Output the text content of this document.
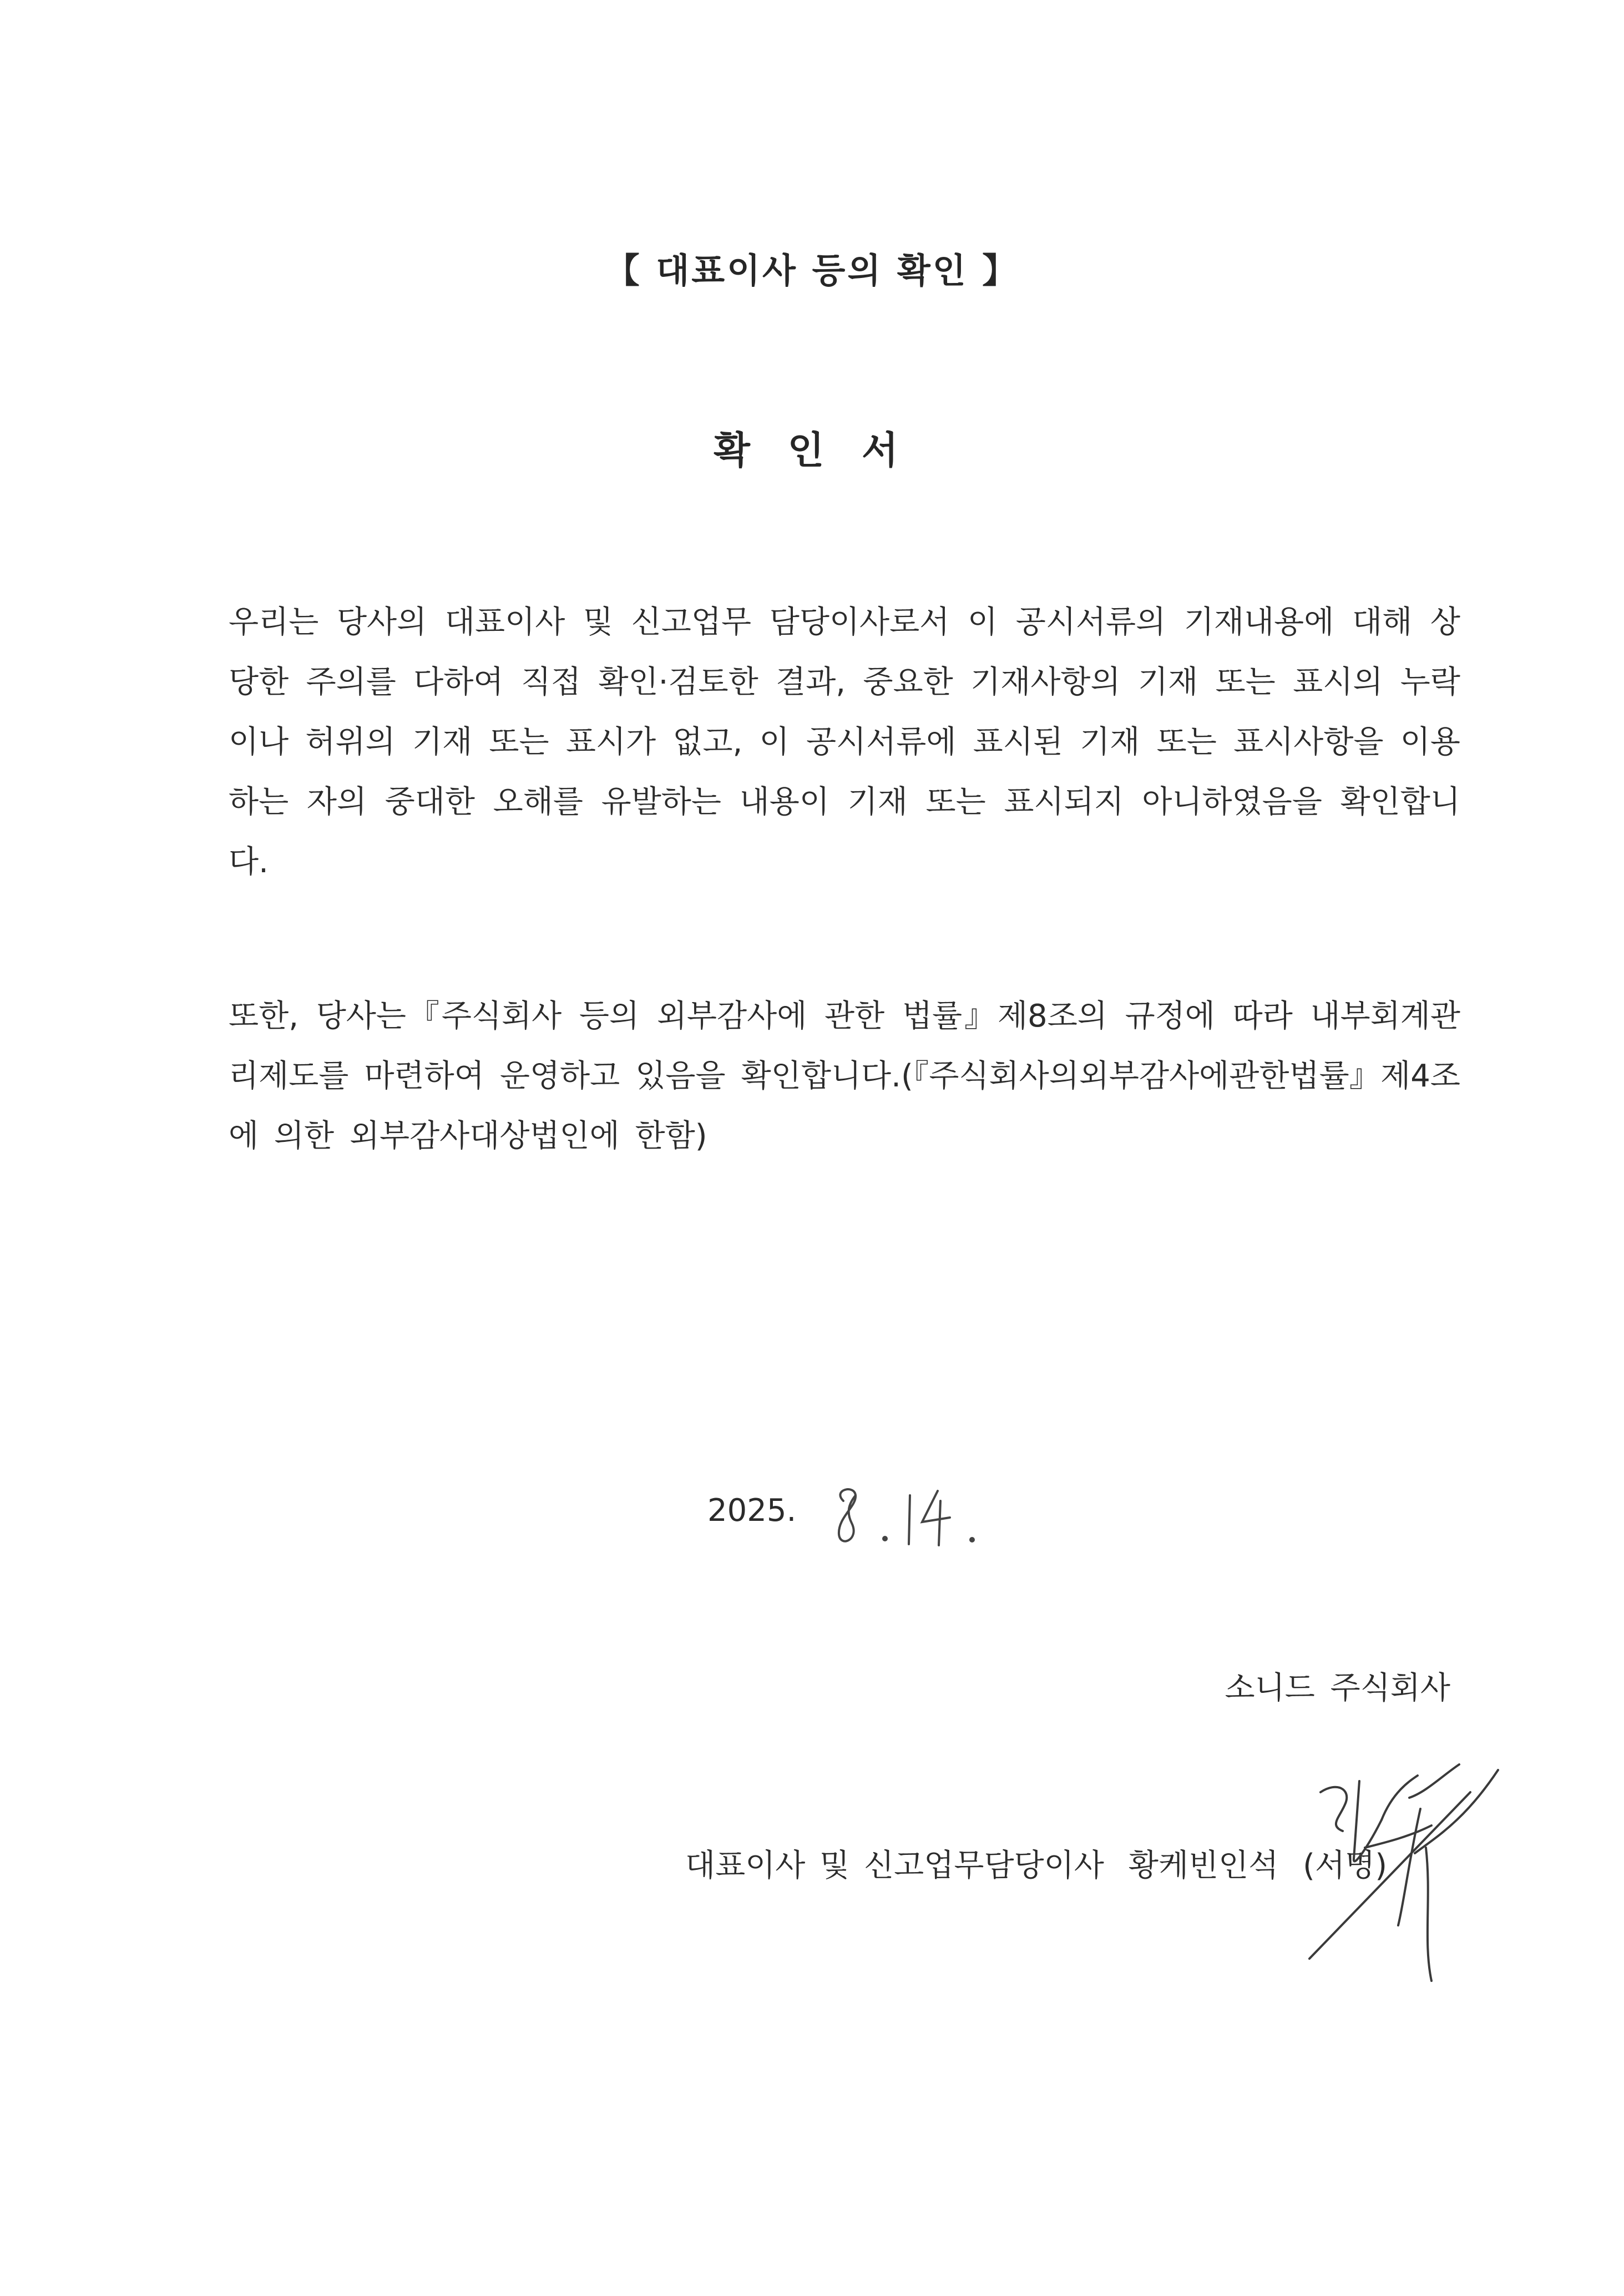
【 대표이사 등의 확인 】
확 인 서

우리는 당사의 대표이사 및 신고업무 담당이사로서 이 공시서류의 기재내용에 대해 상당한 주의를 다하여 직접 확인·검토한 결과, 중요한 기재사항의 기재 또는 표시의 누락이나 허위의 기재 또는 표시가 없고, 이 공시서류에 표시된 기재 또는 표시사항을 이용하는 자의 중대한 오해를 유발하는 내용이 기재 또는 표시되지 아니하였음을 확인합니다.

또한, 당사는『주식회사 등의 외부감사에 관한 법률』제8조의 규정에 따라 내부회계관리제도를 마련하여 운영하고 있음을 확인합니다.(『주식회사의외부감사에관한법률』제4조에 의한 외부감사대상법인에 한함)

2025.
소니드 주식회사
대표이사 및 신고업무담당이사 황케빈인석 (서명)
